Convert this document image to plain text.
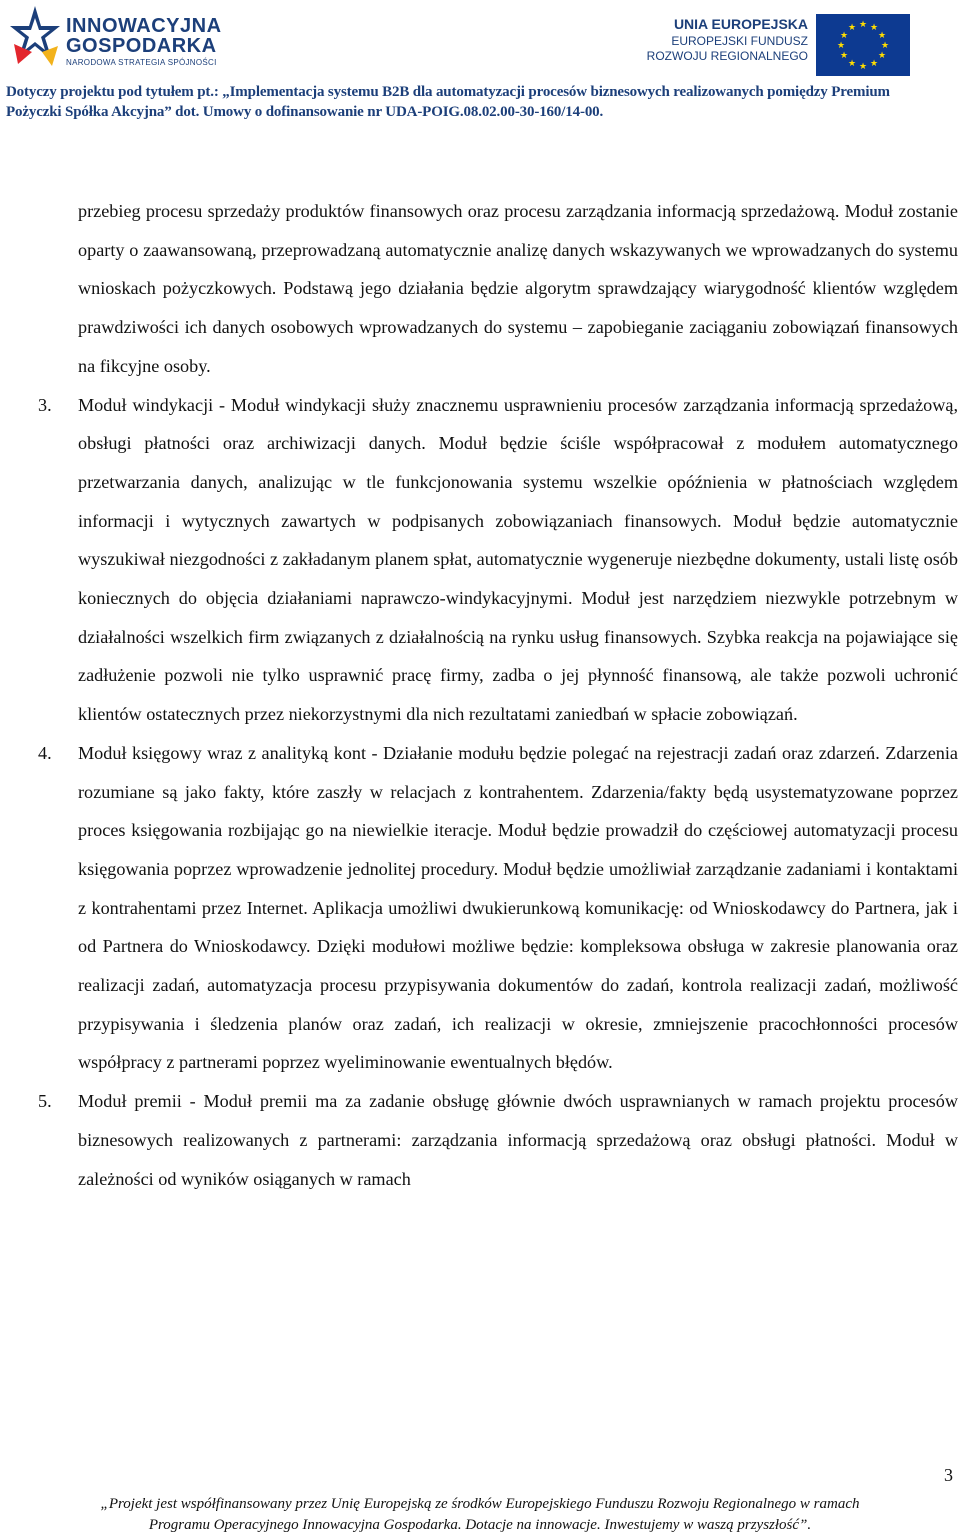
INNOWACYJNA
GOSPODARKA
NARODOWA STRATEGIA SPÓJNOŚCI
UNIA EUROPEJSKA
EUROPEJSKI FUNDUSZ
ROZWOJU REGIONALNEGO
★ ★
★
★
★
★
★
★
★
★
★
★
Dotyczy projektu pod tytułem pt.: „Implementacja systemu B2B dla automatyzacji procesów biznesowych realizowanych pomiędzy Premium
Pożyczki Spółka Akcyjna” dot. Umowy o dofinansowanie nr UDA-POIG.08.02.00-30-160/14-00.

przebieg procesu sprzedaży produktów finansowych oraz procesu zarządzania informacją sprzedażową. Moduł zostanie oparty o zaawansowaną, przeprowadzaną automatycznie analizę danych wskazywanych we wprowadzanych do systemu wnioskach pożyczkowych. Podstawą jego działania będzie algorytm sprawdzający wiarygodność klientów względem prawdziwości ich danych osobowych wprowadzanych do systemu – zapobieganie zaciąganiu zobowiązań finansowych na fikcyjne osoby.

3. Moduł windykacji - Moduł windykacji służy znacznemu usprawnieniu procesów zarządzania informacją sprzedażową, obsługi płatności oraz archiwizacji danych. Moduł będzie ściśle współpracował z modułem automatycznego przetwarzania danych, analizując w tle funkcjonowania systemu wszelkie opóźnienia w płatnościach względem informacji i wytycznych zawartych w podpisanych zobowiązaniach finansowych. Moduł będzie automatycznie wyszukiwał niezgodności z zakładanym planem spłat, automatycznie wygeneruje niezbędne dokumenty, ustali listę osób koniecznych do objęcia działaniami naprawczo-windykacyjnymi. Moduł jest narzędziem niezwykle potrzebnym w działalności wszelkich firm związanych z działalnością na rynku usług finansowych. Szybka reakcja na pojawiające się zadłużenie pozwoli nie tylko usprawnić pracę firmy, zadba o jej płynność finansową, ale także pozwoli uchronić klientów ostatecznych przez niekorzystnymi dla nich rezultatami zaniedbań w spłacie zobowiązań.

4. Moduł księgowy wraz z analityką kont - Działanie modułu będzie polegać na rejestracji zadań oraz zdarzeń. Zdarzenia rozumiane są jako fakty, które zaszły w relacjach z kontrahentem. Zdarzenia/fakty będą usystematyzowane poprzez proces księgowania rozbijając go na niewielkie iteracje. Moduł będzie prowadził do częściowej automatyzacji procesu księgowania poprzez wprowadzenie jednolitej procedury. Moduł będzie umożliwiał zarządzanie zadaniami i kontaktami z kontrahentami przez Internet. Aplikacja umożliwi dwukierunkową komunikację: od Wnioskodawcy do Partnera, jak i od Partnera do Wnioskodawcy. Dzięki modułowi możliwe będzie: kompleksowa obsługa w zakresie planowania oraz realizacji zadań, automatyzacja procesu przypisywania dokumentów do zadań, kontrola realizacji zadań, możliwość przypisywania i śledzenia planów oraz zadań, ich realizacji w okresie, zmniejszenie pracochłonności procesów współpracy z partnerami poprzez wyeliminowanie ewentualnych błędów.

5. Moduł premii - Moduł premii ma za zadanie obsługę głównie dwóch usprawnianych w ramach projektu procesów biznesowych realizowanych z partnerami: zarządzania informacją sprzedażową oraz obsługi płatności. Moduł w zależności od wyników osiąganych w ramach

3
„Projekt jest współfinansowany przez Unię Europejską ze środków Europejskiego Funduszu Rozwoju Regionalnego w ramach
Programu Operacyjnego Innowacyjna Gospodarka. Dotacje na innowacje. Inwestujemy w waszą przyszłość”.
